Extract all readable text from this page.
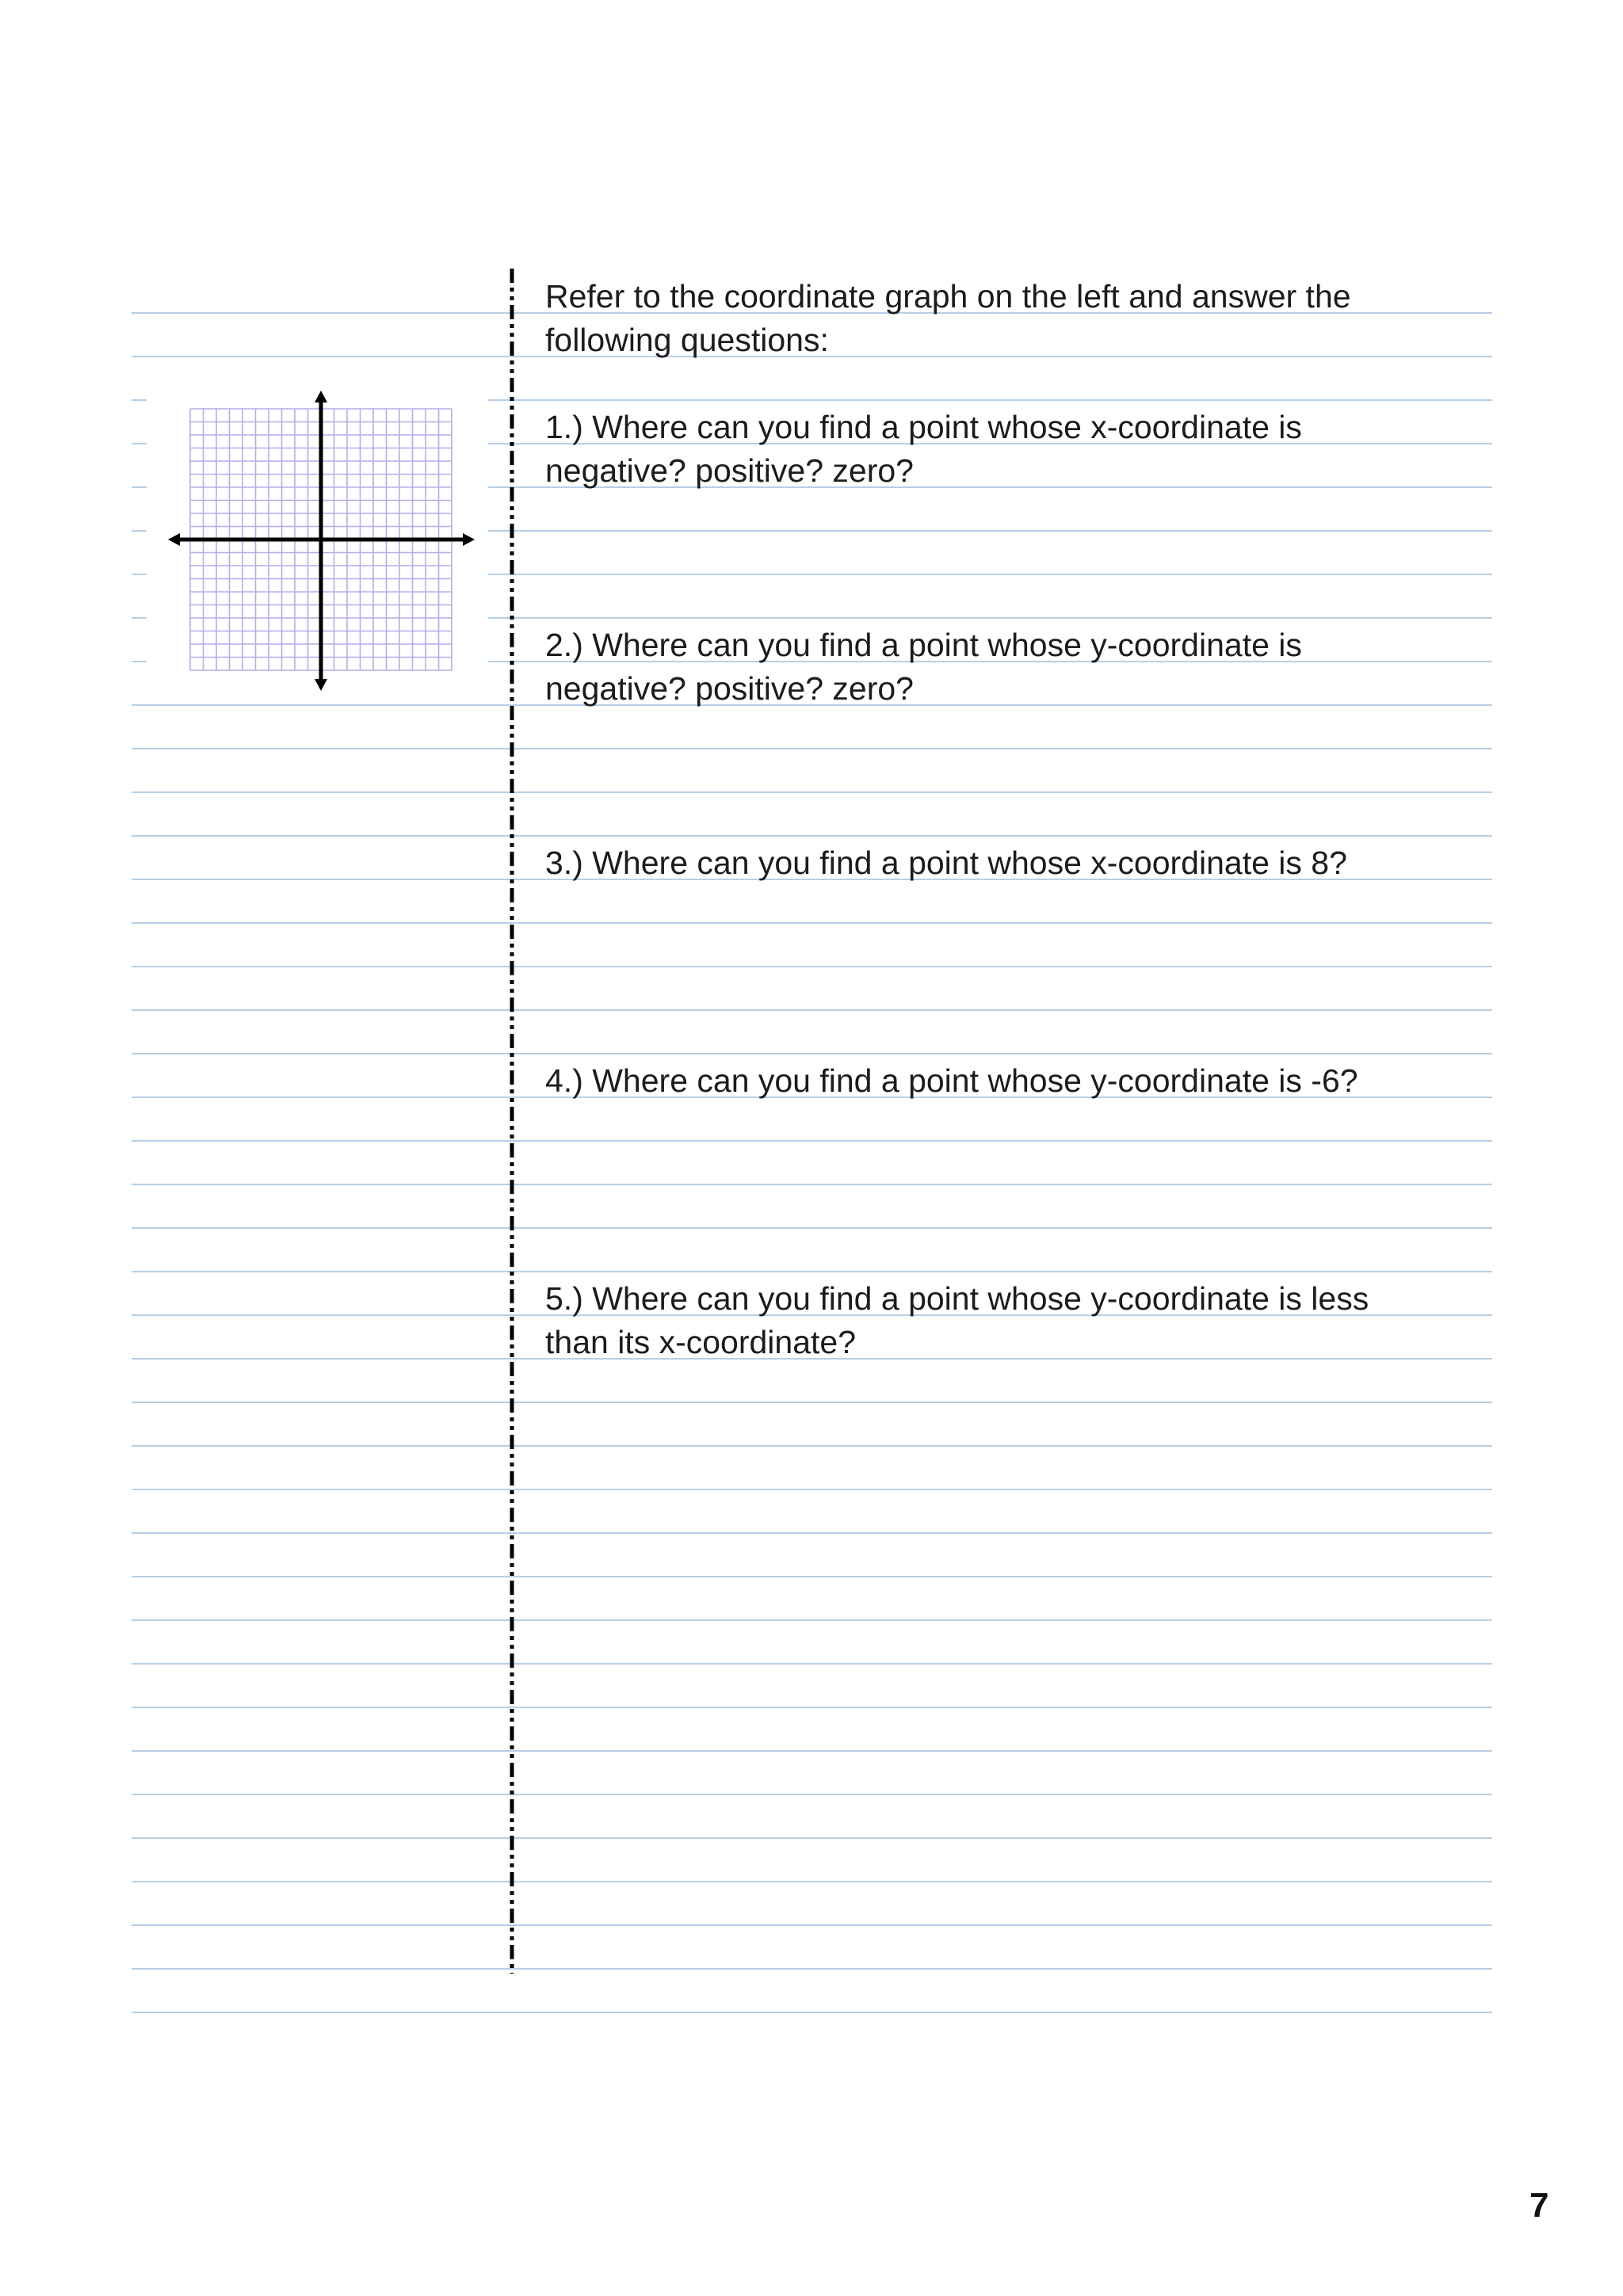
Refer to the coordinate graph on the left and answer the
following questions:
1.) Where can you find a point whose x-coordinate is
negative? positive? zero?
2.) Where can you find a point whose y-coordinate is
negative? positive? zero?
3.) Where can you find a point whose x-coordinate is 8?
4.) Where can you find a point whose y-coordinate is -6?
5.) Where can you find a point whose y-coordinate is less
than its x-coordinate?
7
